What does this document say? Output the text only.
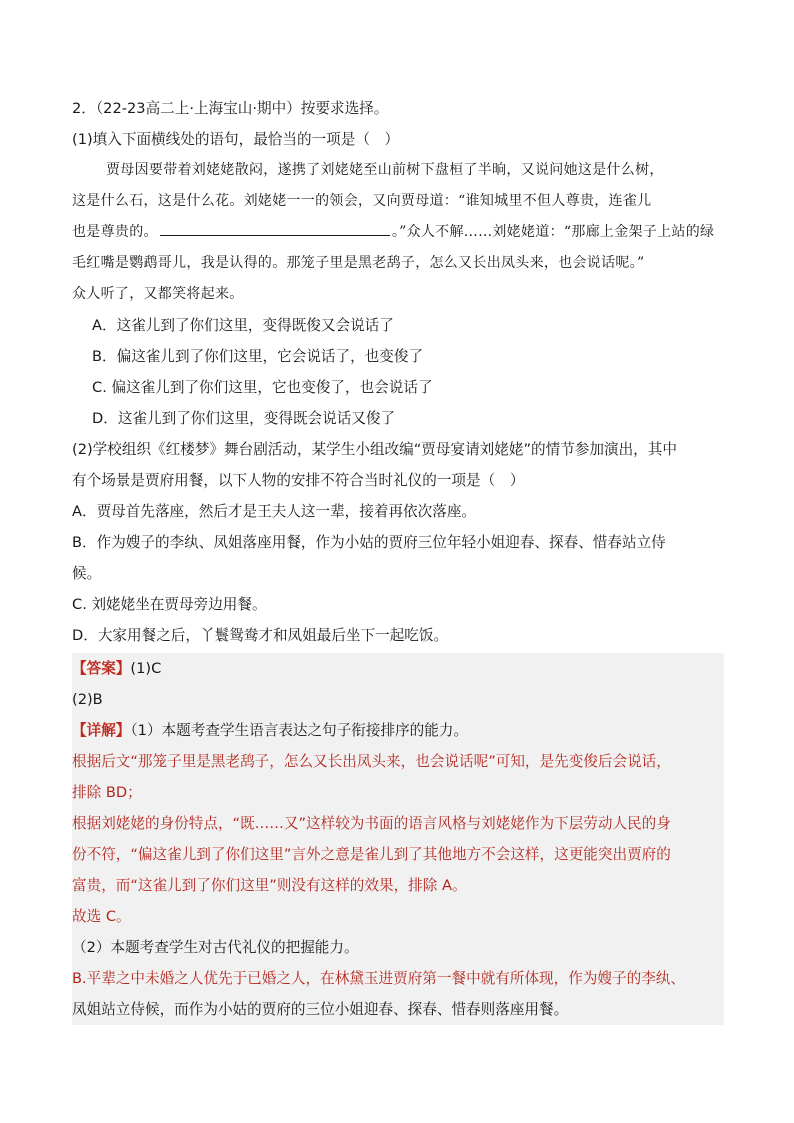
2．（22-23高二上·上海宝山·期中）按要求选择。
(1)填入下面横线处的语句，最恰当的一项是（　）
贾母因要带着刘姥姥散闷，遂携了刘姥姥至山前树下盘桓了半晌，又说问她这是什么树，
这是什么石，这是什么花。刘姥姥一一的领会，又向贾母道：“谁知城里不但人尊贵，连雀儿
也是尊贵的。	。”众人不解……刘姥姥道：“那廊上金架子上站的绿
毛红嘴是鹦鹉哥儿，我是认得的。那笼子里是黑老鸹子，怎么又长出凤头来，也会说话呢。”
众人听了，又都笑将起来。
A．这雀儿到了你们这里，变得既俊又会说话了
B．偏这雀儿到了你们这里，它会说话了，也变俊了
C. 偏这雀儿到了你们这里，它也变俊了，也会说话了
D．这雀儿到了你们这里，变得既会说话又俊了
(2)学校组织《红楼梦》舞台剧活动，某学生小组改编“贾母宴请刘姥姥”的情节参加演出，其中
有个场景是贾府用餐，以下人物的安排不符合当时礼仪的一项是（　）
A．贾母首先落座，然后才是王夫人这一辈，接着再依次落座。
B．作为嫂子的李纨、凤姐落座用餐，作为小姑的贾府三位年轻小姐迎春、探春、惜春站立侍
候。
C. 刘姥姥坐在贾母旁边用餐。
D．大家用餐之后，丫鬟鸳鸯才和凤姐最后坐下一起吃饭。
【答案】(1)C
(2)B
【详解】（1）本题考查学生语言表达之句子衔接排序的能力。
根据后文“那笼子里是黑老鸹子，怎么又长出凤头来，也会说话呢”可知，是先变俊后会说话，
排除 BD；
根据刘姥姥的身份特点，“既……又”这样较为书面的语言风格与刘姥姥作为下层劳动人民的身
份不符，“偏这雀儿到了你们这里”言外之意是雀儿到了其他地方不会这样，这更能突出贾府的
富贵，而“这雀儿到了你们这里”则没有这样的效果，排除 A。
故选 C。
（2）本题考查学生对古代礼仪的把握能力。
B.平辈之中未婚之人优先于已婚之人，在林黛玉进贾府第一餐中就有所体现，作为嫂子的李纨、
凤姐站立侍候，而作为小姑的贾府的三位小姐迎春、探春、惜春则落座用餐。
